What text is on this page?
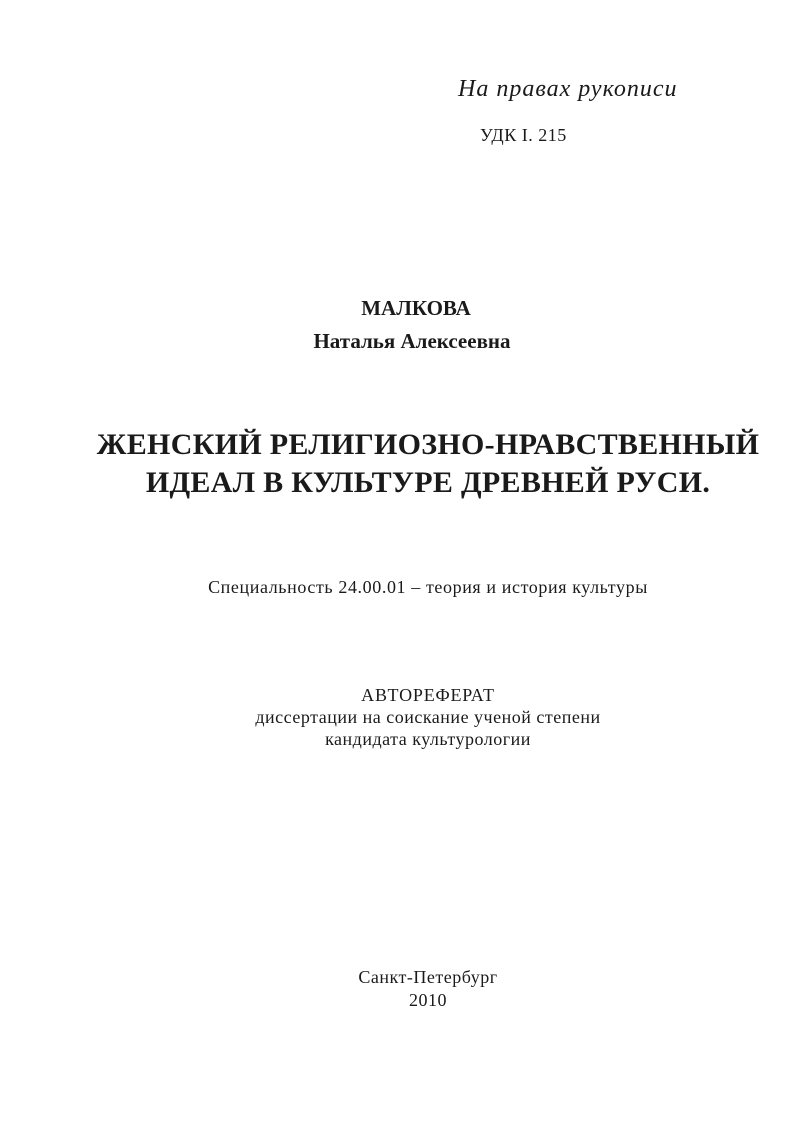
На правах рукописи
УДК I. 215
МАЛКОВА
Наталья Алексеевна
ЖЕНСКИЙ РЕЛИГИОЗНО-НРАВСТВЕННЫЙ
ИДЕАЛ В КУЛЬТУРЕ ДРЕВНЕЙ РУСИ.
Специальность 24.00.01 – теория и история культуры
АВТОРЕФЕРАТ
диссертации на соискание ученой степени
кандидата культурологии
Санкт-Петербург
2010
